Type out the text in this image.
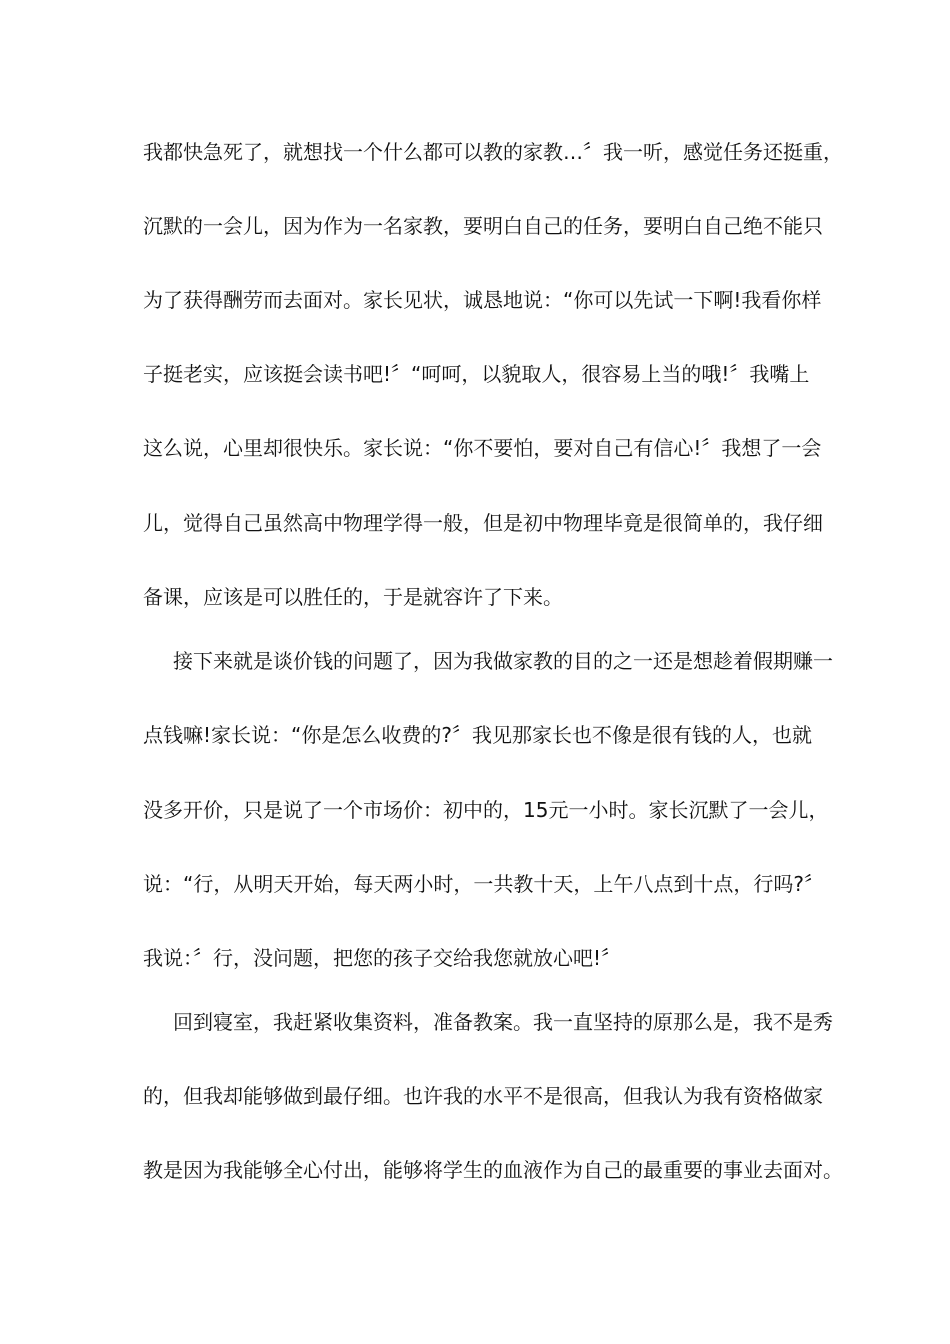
我都快急死了，就想找一个什么都可以教的家教…〞我一听，感觉任务还挺重，
沉默的一会儿，因为作为一名家教，要明白自己的任务，要明白自己绝不能只
为了获得酬劳而去面对。家长见状，诚恳地说：“你可以先试一下啊!我看你样
子挺老实，应该挺会读书吧!〞“呵呵，以貌取人，很容易上当的哦!〞我嘴上
这么说，心里却很快乐。家长说：“你不要怕，要对自己有信心!〞我想了一会
儿，觉得自己虽然高中物理学得一般，但是初中物理毕竟是很简单的，我仔细
备课，应该是可以胜任的，于是就容许了下来。
接下来就是谈价钱的问题了，因为我做家教的目的之一还是想趁着假期赚一
点钱嘛!家长说：“你是怎么收费的?〞我见那家长也不像是很有钱的人，也就
没多开价，只是说了一个市场价：初中的，15元一小时。家长沉默了一会儿，
说：“行，从明天开始，每天两小时，一共教十天，上午八点到十点，行吗?〞
我说：〞行，没问题，把您的孩子交给我您就放心吧!〞
回到寝室，我赶紧收集资料，准备教案。我一直坚持的原那么是，我不是秀
的，但我却能够做到最仔细。也许我的水平不是很高，但我认为我有资格做家
教是因为我能够全心付出，能够将学生的血液作为自己的最重要的事业去面对。
